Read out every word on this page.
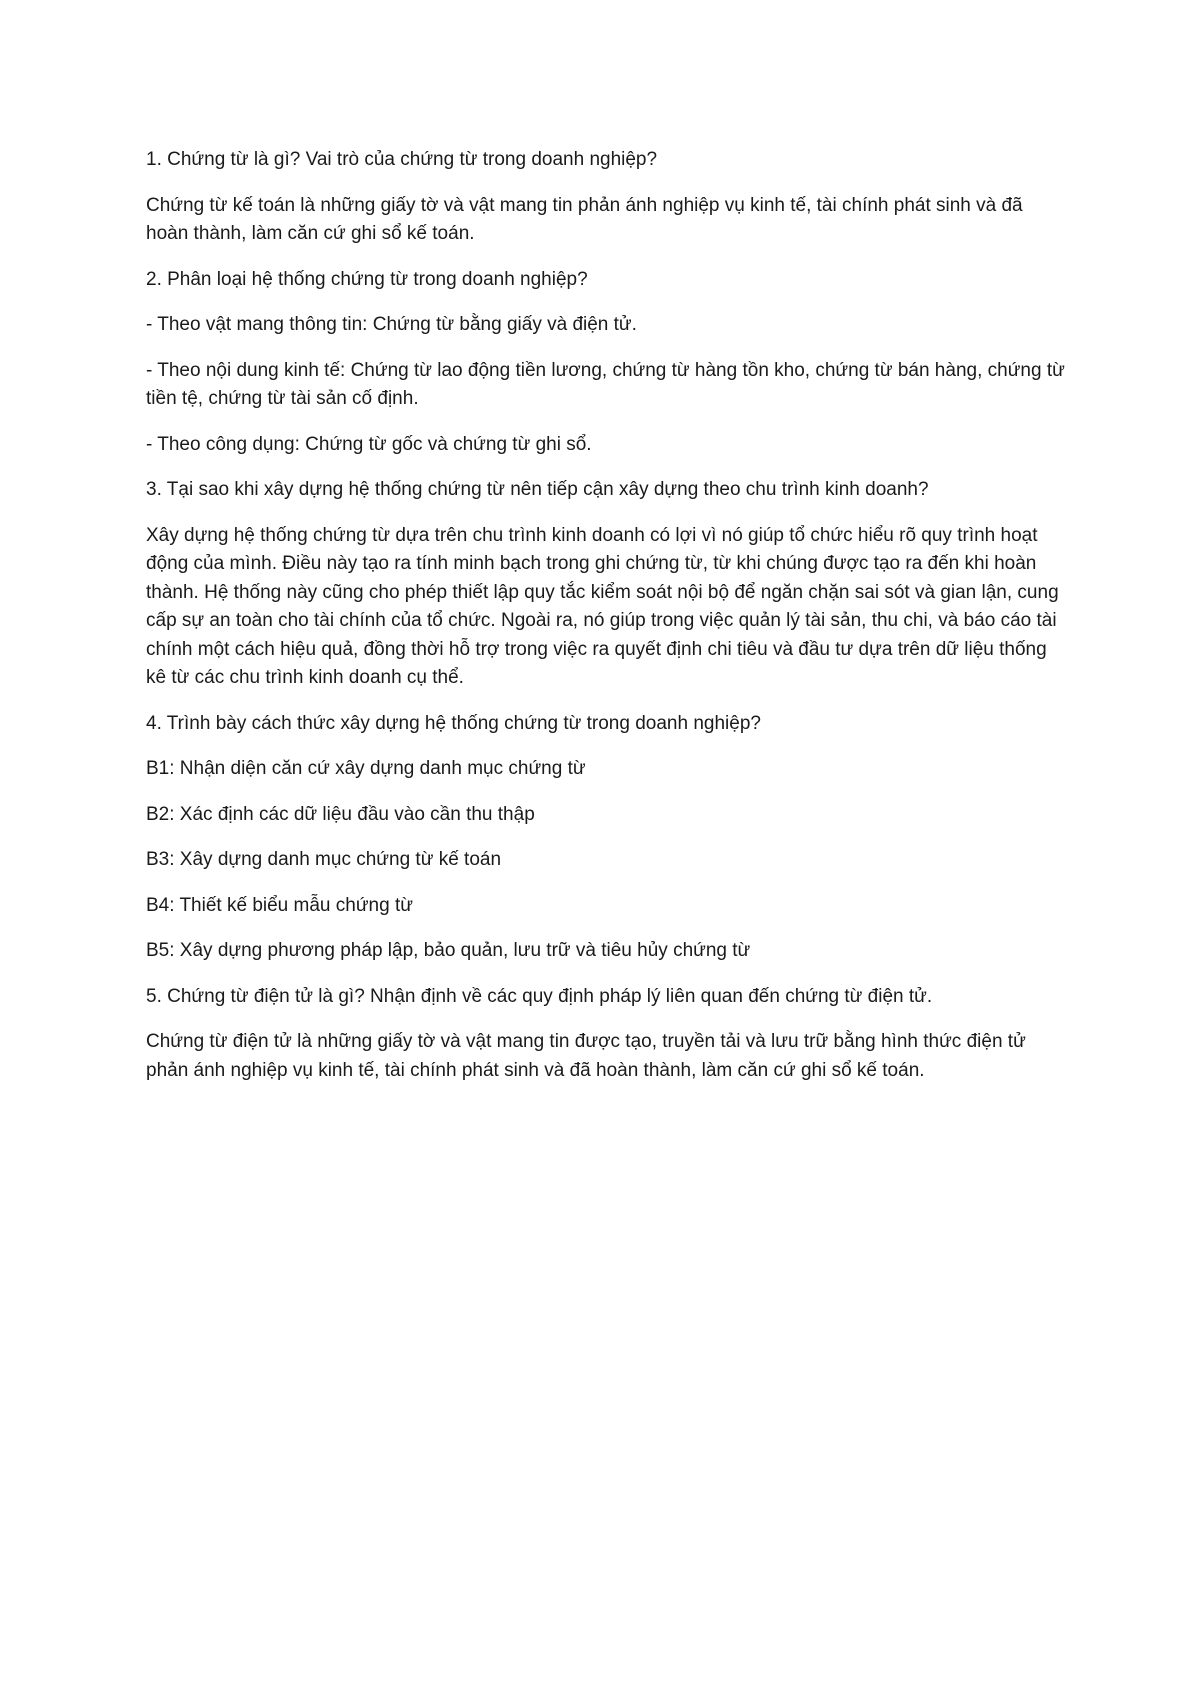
1. Chứng từ là gì? Vai trò của chứng từ trong doanh nghiệp?

Chứng từ kế toán là những giấy tờ và vật mang tin phản ánh nghiệp vụ kinh tế, tài chính phát sinh và đã hoàn thành, làm căn cứ ghi sổ kế toán.

2. Phân loại hệ thống chứng từ trong doanh nghiệp?

- Theo vật mang thông tin: Chứng từ bằng giấy và điện tử.

- Theo nội dung kinh tế: Chứng từ lao động tiền lương, chứng từ hàng tồn kho, chứng từ bán hàng, chứng từ tiền tệ, chứng từ tài sản cố định.

- Theo công dụng: Chứng từ gốc và chứng từ ghi sổ.

3. Tại sao khi xây dựng hệ thống chứng từ nên tiếp cận xây dựng theo chu trình kinh doanh?

Xây dựng hệ thống chứng từ dựa trên chu trình kinh doanh có lợi vì nó giúp tổ chức hiểu rõ quy trình hoạt động của mình. Điều này tạo ra tính minh bạch trong ghi chứng từ, từ khi chúng được tạo ra đến khi hoàn thành. Hệ thống này cũng cho phép thiết lập quy tắc kiểm soát nội bộ để ngăn chặn sai sót và gian lận, cung cấp sự an toàn cho tài chính của tổ chức. Ngoài ra, nó giúp trong việc quản lý tài sản, thu chi, và báo cáo tài chính một cách hiệu quả, đồng thời hỗ trợ trong việc ra quyết định chi tiêu và đầu tư dựa trên dữ liệu thống kê từ các chu trình kinh doanh cụ thể.

4. Trình bày cách thức xây dựng hệ thống chứng từ trong doanh nghiệp?

B1: Nhận diện căn cứ xây dựng danh mục chứng từ

B2: Xác định các dữ liệu đầu vào cần thu thập

B3: Xây dựng danh mục chứng từ kế toán

B4: Thiết kế biểu mẫu chứng từ

B5: Xây dựng phương pháp lập, bảo quản, lưu trữ và tiêu hủy chứng từ

5. Chứng từ điện tử là gì? Nhận định về các quy định pháp lý liên quan đến chứng từ điện tử.

Chứng từ điện tử là những giấy tờ và vật mang tin được tạo, truyền tải và lưu trữ bằng hình thức điện tử phản ánh nghiệp vụ kinh tế, tài chính phát sinh và đã hoàn thành, làm căn cứ ghi sổ kế toán.
